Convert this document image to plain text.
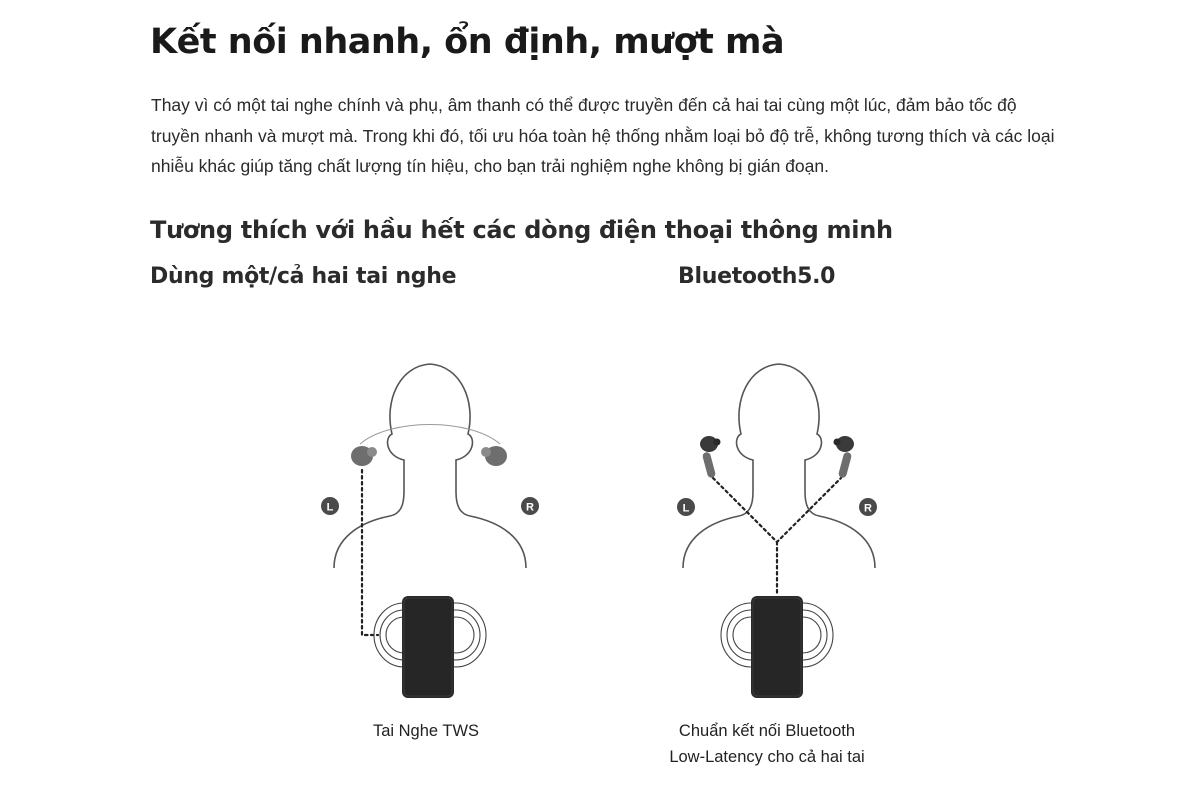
Kết nối nhanh, ổn định, mượt mà

Thay vì có một tai nghe chính và phụ, âm thanh có thể được truyền đến cả hai tai cùng một lúc, đảm bảo tốc độ truyền nhanh và mượt mà. Trong khi đó, tối ưu hóa toàn hệ thống nhằm loại bỏ độ trễ, không tương thích và các loại nhiễu khác giúp tăng chất lượng tín hiệu, cho bạn trải nghiệm nghe không bị gián đoạn.

Tương thích với hầu hết các dòng điện thoại thông minh
Dùng một/cả hai tai nghe	Bluetooth5.0
L	R	L	R
Tai Nghe TWS	Chuẩn kết nối Bluetooth
Low-Latency cho cả hai tai
